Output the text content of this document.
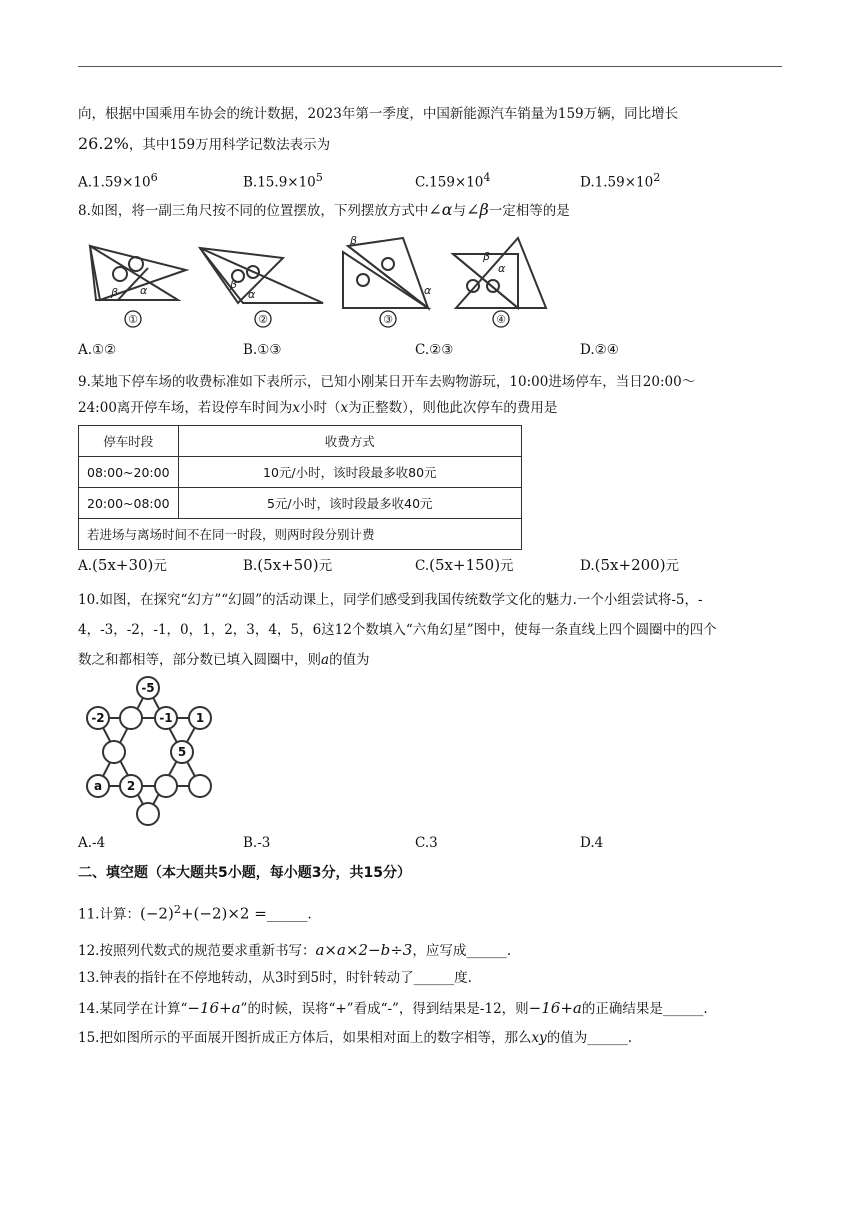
向，根据中国乘用车协会的统计数据，2023年第一季度，中国新能源汽车销量为159万辆，同比增长
26.2%，其中159万用科学记数法表示为
$A.1.59\times 10^6$	$B.15.9\times 10^5$	$C.159\times 10^4$	$D.1.59\times 10^2$
8.如图，将一副三角尺按不同的位置摆放，下列摆放方式中∠α与∠β一定相等的是
β α	β
α
β
α
β
α
①	②	③	④
A.①②	B.①③	C.②③	D.②④
9.某地下停车场的收费标准如下表所示，已知小刚某日开车去购物游玩，10:00进场停车，当日20:00～
24:00离开停车场，若设停车时间为x小时（x为正整数），则他此次停车的费用是
停车时段	收费方式
08:00~20:00	10元/小时，该时段最多收80元
20:00~08:00	5元/小时，该时段最多收40元
若进场与离场时间不在同一时段，则两时段分别计费	
A.(5x+30)元	B.(5x+50)元	C.(5x+150)元	D.(5x+200)元
10.如图，在探究“幻方”“幻圆”的活动课上，同学们感受到我国传统数学文化的魅力.一个小组尝试将-5，-
4，-3，-2，-1，0，1，2，3，4，5，6这12个数填入“六角幻星”图中，使每一条直线上四个圆圈中的四个
数之和都相等，部分数已填入圆圈中，则a的值为
-5
-2	-1 1
5
a 2
A.-4	B.-3	C.3	D.4
二、填空题（本大题共5小题，每小题3分，共15分）
11.计算：$(-2)^2+(-2)\times 2$ =______.
12.按照列代数式的规范要求重新书写：a×a×2−b÷3，应写成______.
13.钟表的指针在不停地转动，从3时到5时，时针转动了______度.
14.某同学在计算“−16+a”的时候，误将“+”看成“-”，得到结果是-12，则−16+a的正确结果是______.
15.把如图所示的平面展开图折成正方体后，如果相对面上的数字相等，那么xy的值为______.
